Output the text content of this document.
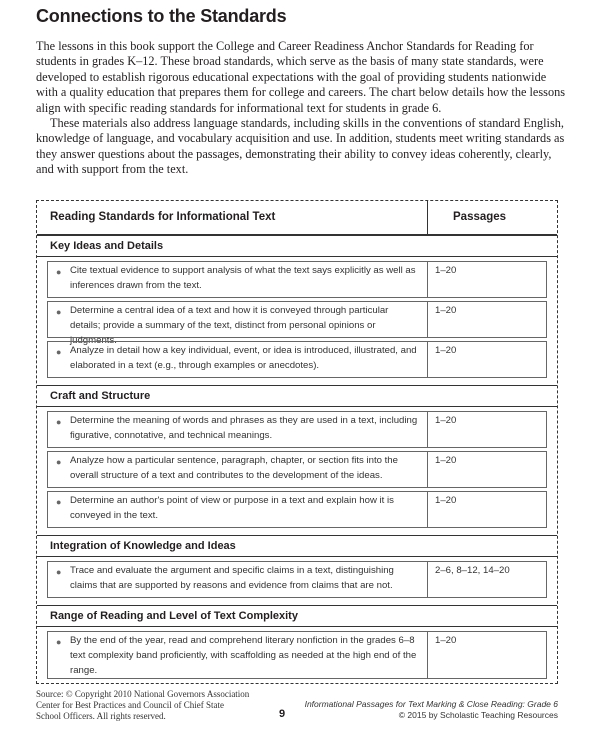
Connections to the Standards

The lessons in this book support the College and Career Readiness Anchor Standards for Reading for students in grades K–12. These broad standards, which serve as the basis of many state standards, were developed to establish rigorous educational expectations with the goal of providing students nationwide with a quality education that prepares them for college and careers. The chart below details how the lessons align with specific reading standards for informational text for students in grade 6.

These materials also address language standards, including skills in the conventions of standard English, knowledge of language, and vocabulary acquisition and use. In addition, students meet writing standards as they answer questions about the passages, demonstrating their ability to convey ideas coherently, clearly, and with support from the text.

Reading Standards for Informational Text	Passages
Key Ideas and Details
● Cite textual evidence to support analysis of what the text says explicitly as well as inferences drawn from the text.
1–20
● Determine a central idea of a text and how it is conveyed through particular details; provide a summary of the text, distinct from personal opinions or judgments.
1–20
● Analyze in detail how a key individual, event, or idea is introduced, illustrated, and elaborated in a text (e.g., through examples or anecdotes).
1–20
Craft and Structure
● Determine the meaning of words and phrases as they are used in a text, including figurative, connotative, and technical meanings.
1–20
● Analyze how a particular sentence, paragraph, chapter, or section fits into the overall structure of a text and contributes to the development of the ideas.
1–20
● Determine an author's point of view or purpose in a text and explain how it is conveyed in the text.
1–20
Integration of Knowledge and Ideas
● Trace and evaluate the argument and specific claims in a text, distinguishing claims that are supported by reasons and evidence from claims that are not.
2–6, 8–12, 14–20
Range of Reading and Level of Text Complexity
● By the end of the year, read and comprehend literary nonfiction in the grades 6–8 text complexity band proficiently, with scaffolding as needed at the high end of the range.
1–20
Source: © Copyright 2010 National Governors Association Center for Best Practices and Council of Chief State School Officers. All rights reserved.	9
Informational Passages for Text Marking & Close Reading: Grade 6
© 2015 by Scholastic Teaching Resources
